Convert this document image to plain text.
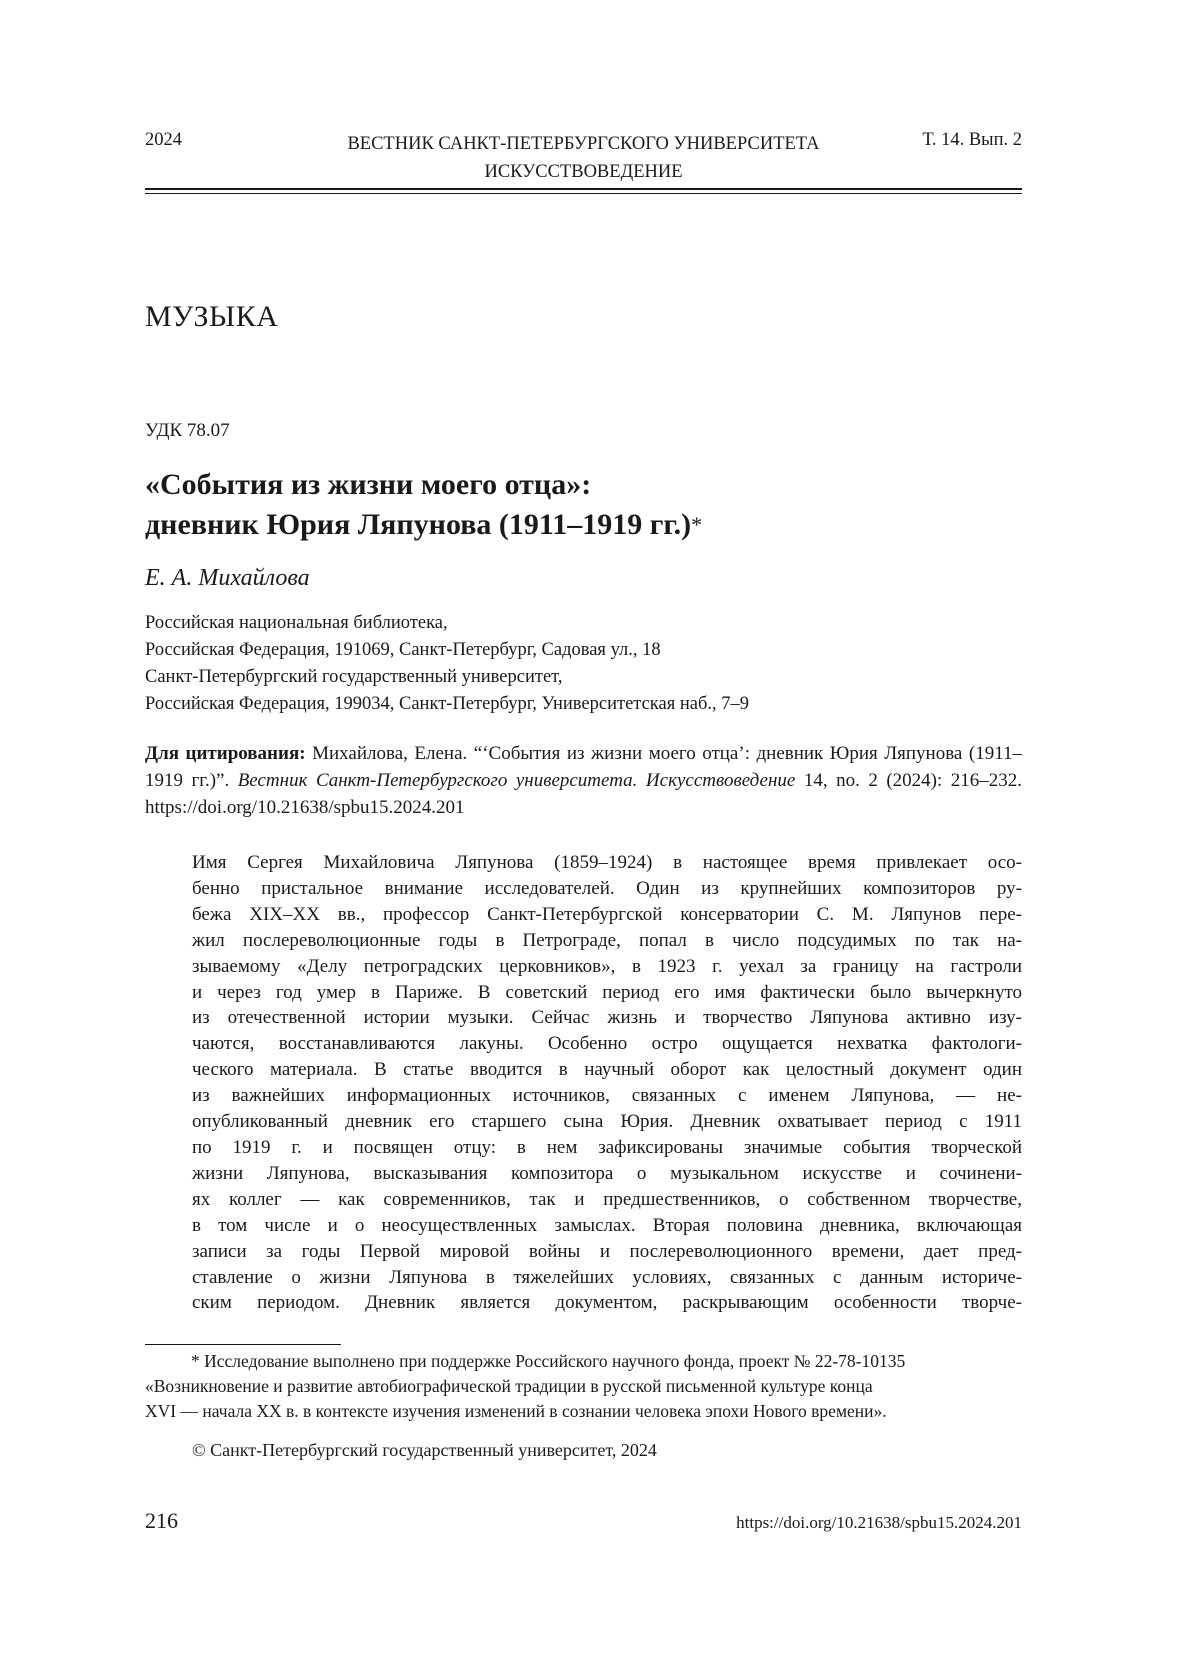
2024	ВЕСТНИК САНКТ-ПЕТЕРБУРГСКОГО УНИВЕРСИТЕТА
ИСКУССТВОВЕДЕНИЕ
Т. 14. Вып. 2
МУЗЫКА
УДК 78.07
«События из жизни моего отца»:
дневник Юрия Ляпунова (1911–1919 гг.)*
Е. А. Михайлова
Российская национальная библиотека,
Российская Федерация, 191069, Санкт-Петербург, Садовая ул., 18
Санкт-Петербургский государственный университет,
Российская Федерация, 199034, Санкт-Петербург, Университетская наб., 7–9
Для цитирования: Михайлова, Елена. “‘События из жизни моего отца’: дневник Юрия Ляпунова (1911–1919 гг.)”. Вестник Санкт-Петербургского университета. Искусствоведение 14, no. 2 (2024): 216–232. https://doi.org/10.21638/spbu15.2024.201
Имя Сергея Михайловича Ляпунова (1859–1924) в настоящее время привлекает осо-
бенно пристальное внимание исследователей. Один из крупнейших композиторов ру-
бежа XIX–XX вв., профессор Санкт-Петербургской консерватории С. М. Ляпунов пере-
жил послереволюционные годы в Петрограде, попал в число подсудимых по так на-
зываемому «Делу петроградских церковников», в 1923 г. уехал за границу на гастроли
и через год умер в Париже. В советский период его имя фактически было вычеркнуто
из отечественной истории музыки. Сейчас жизнь и творчество Ляпунова активно изу-
чаются, восстанавливаются лакуны. Особенно остро ощущается нехватка фактологи-
ческого материала. В статье вводится в научный оборот как целостный документ один
из важнейших информационных источников, связанных с именем Ляпунова, — не-
опубликованный дневник его старшего сына Юрия. Дневник охватывает период с 1911
по 1919 г. и посвящен отцу: в нем зафиксированы значимые события творческой
жизни Ляпунова, высказывания композитора о музыкальном искусстве и сочинени-
ях коллег — как современников, так и предшественников, о собственном творчестве,
в том числе и о неосуществленных замыслах. Вторая половина дневника, включающая
записи за годы Первой мировой войны и послереволюционного времени, дает пред-
ставление о жизни Ляпунова в тяжелейших условиях, связанных с данным историче-
ским периодом. Дневник является документом, раскрывающим особенности творче-
* Исследование выполнено при поддержке Российского научного фонда, проект № 22-78-10135
«Возникновение и развитие автобиографической традиции в русской письменной культуре конца
XVI — начала XX в. в контексте изучения изменений в сознании человека эпохи Нового времени».
© Санкт-Петербургский государственный университет, 2024
216	https://doi.org/10.21638/spbu15.2024.201
